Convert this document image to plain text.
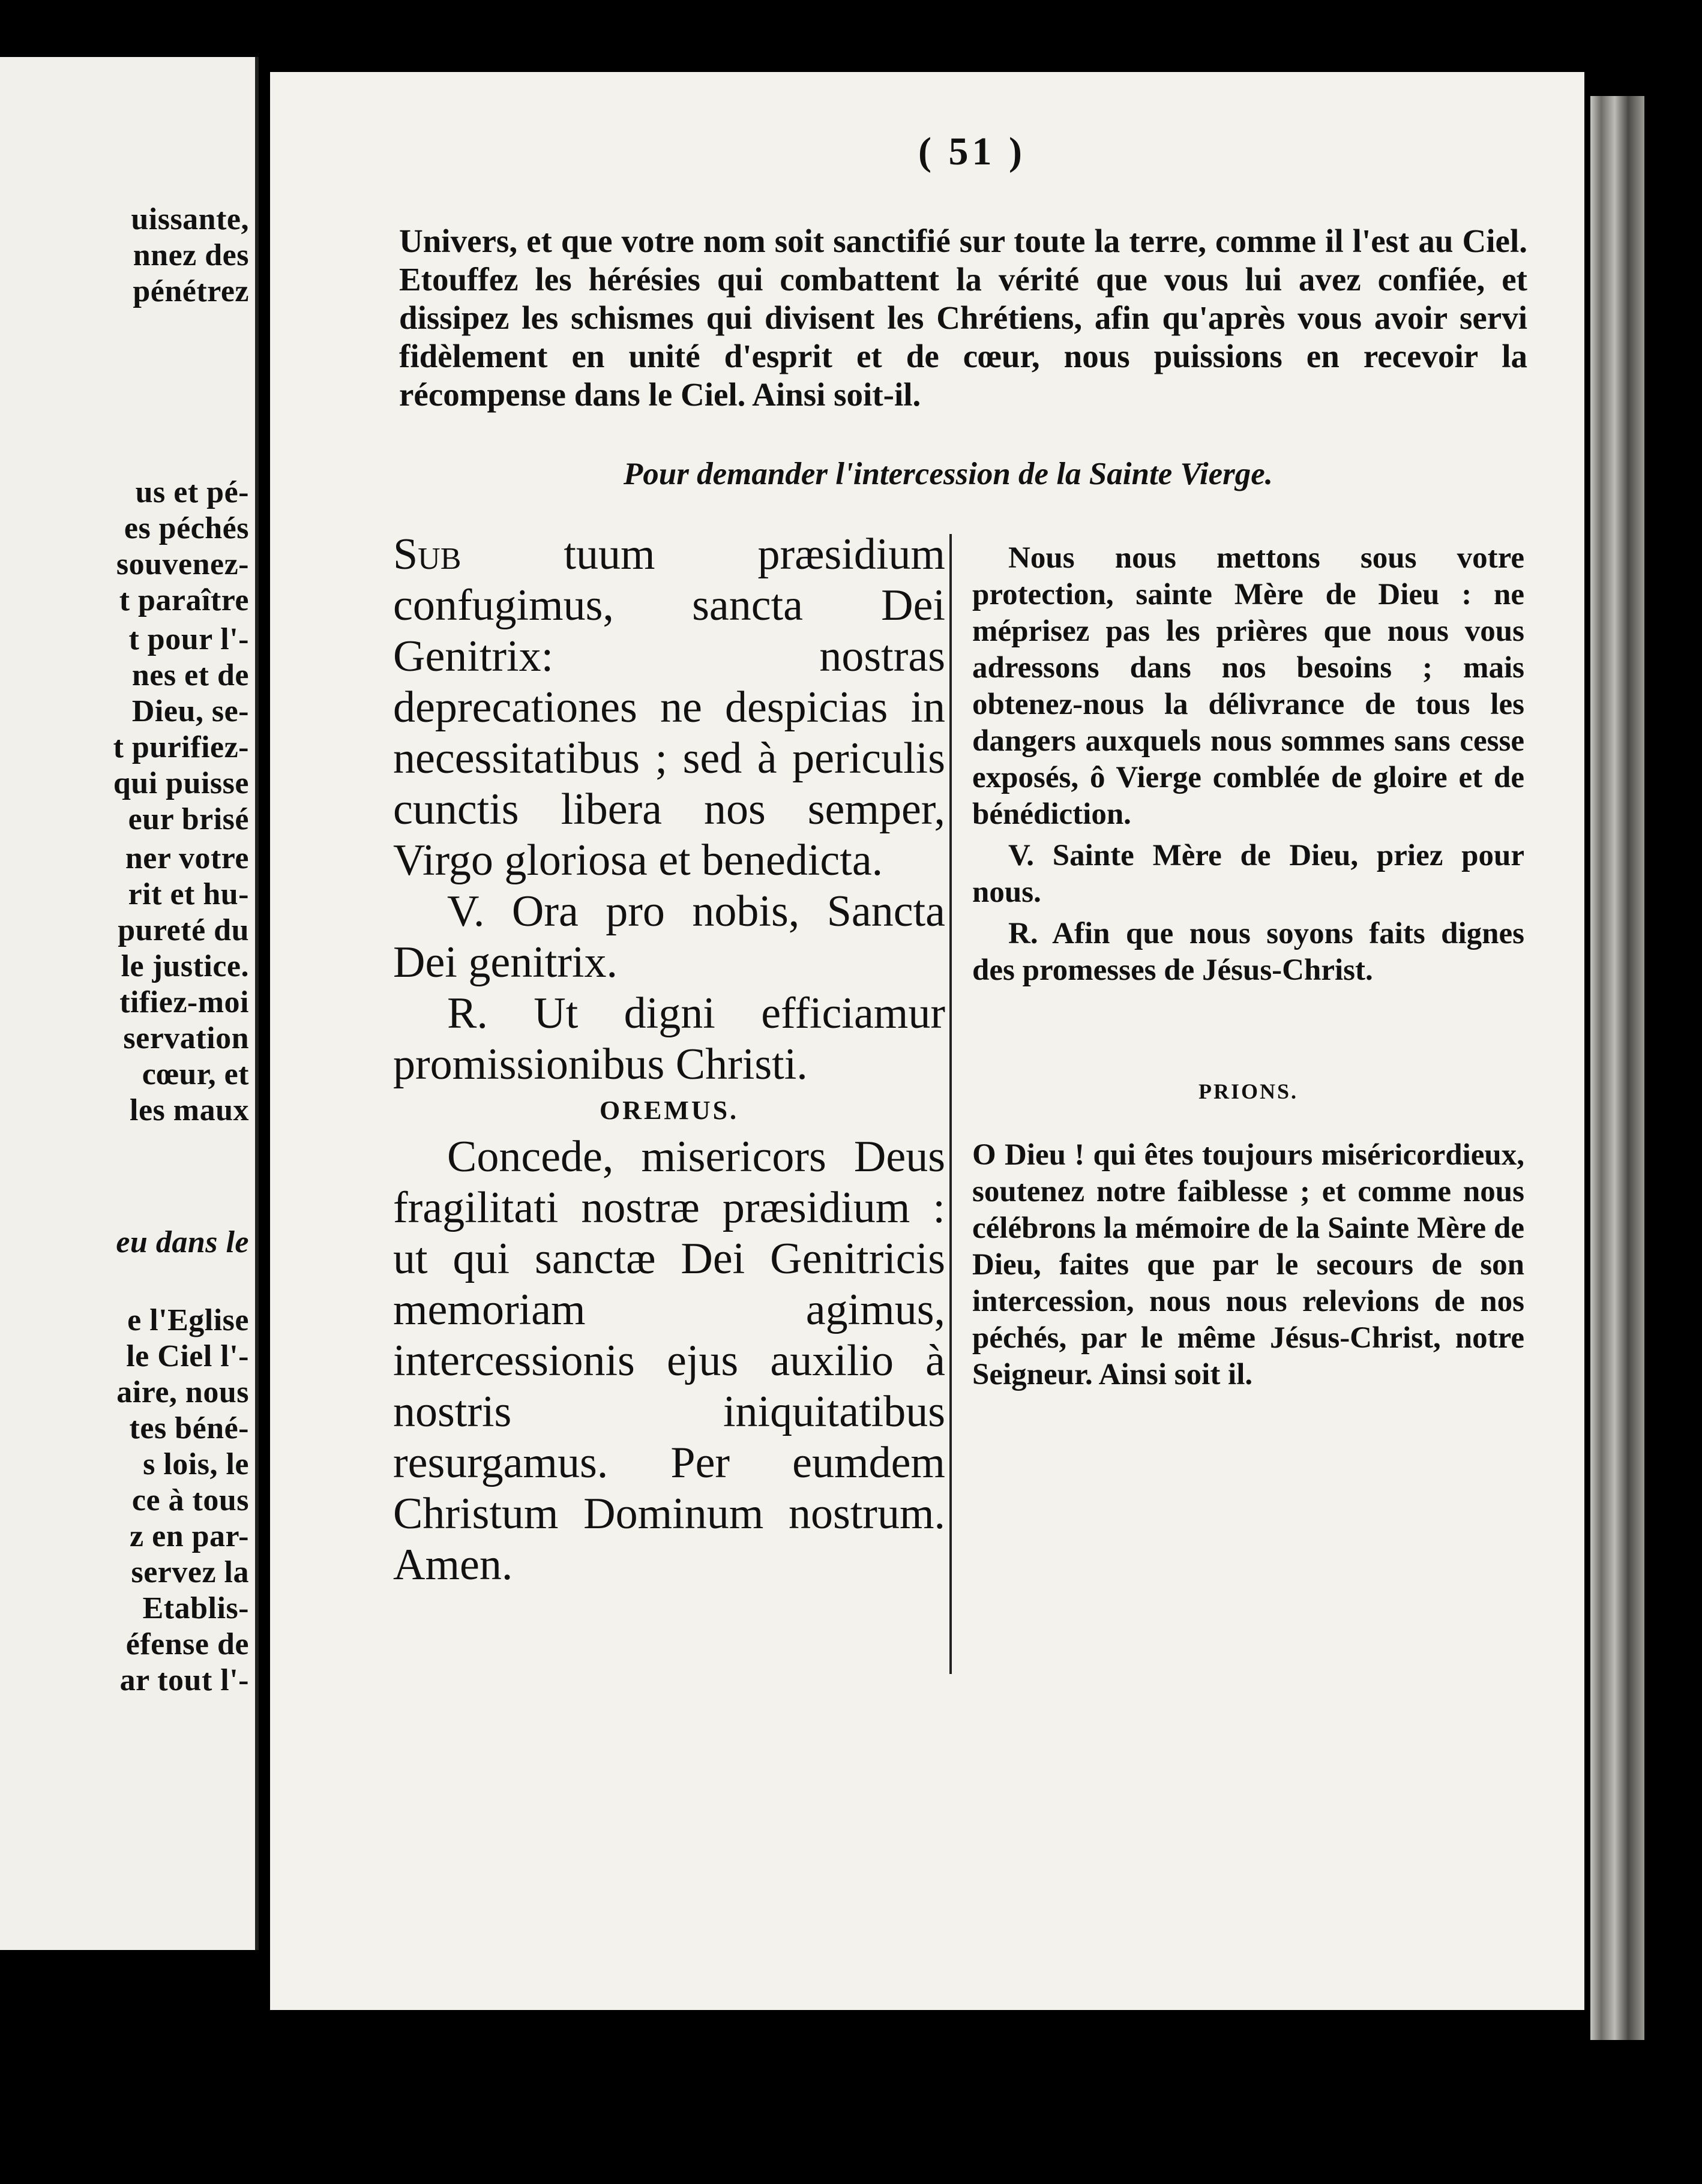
uissante,
nnez des
pénétrez
us et pé-
es péchés
souvenez-
t paraître
t pour l'-
nes et de
Dieu, se-
t purifiez-
qui puisse
eur brisé
ner votre
rit et hu-
pureté du
le justice.
tifiez-moi
servation
cœur, et
les maux
eu dans le
e l'Eglise
le Ciel l'-
aire, nous
tes béné-
s lois, le
ce à tous
z en par-
servez la
Etablis-
éfense de
ar tout l'-
( 51 )

Univers, et que votre nom soit sanctifié sur toute la terre, comme il l'est au Ciel. Etouffez les hérésies qui combattent la vérité que vous lui avez confiée, et dissipez les schismes qui divisent les Chrétiens, afin qu'après vous avoir servi fidèlement en unité d'esprit et de cœur, nous puissions en recevoir la récompense dans le Ciel. Ainsi soit-il.

Pour demander l'intercession de la Sainte Vierge.

Sub tuum præsidium confugimus, sancta Dei Genitrix: nostras deprecationes ne despicias in necessitatibus ; sed à periculis cunctis libera nos semper, Virgo gloriosa et benedicta.

V. Ora pro nobis, Sancta Dei genitrix.

R. Ut digni efficiamur promissionibus Christi.

OREMUS.

Concede, misericors Deus fragilitati nostræ præsidium : ut qui sanctæ Dei Genitricis memoriam agimus, intercessionis ejus auxilio à nostris iniquitatibus resurgamus. Per eumdem Christum Dominum nostrum. Amen.

Nous nous mettons sous votre protection, sainte Mère de Dieu : ne méprisez pas les prières que nous vous adressons dans nos besoins ; mais obtenez-nous la délivrance de tous les dangers auxquels nous sommes sans cesse exposés, ô Vierge comblée de gloire et de bénédiction.

V. Sainte Mère de Dieu, priez pour nous.

R. Afin que nous soyons faits dignes des promesses de Jésus-Christ.

PRIONS.

O Dieu ! qui êtes toujours miséricordieux, soutenez notre faiblesse ; et comme nous célébrons la mémoire de la Sainte Mère de Dieu, faites que par le secours de son intercession, nous nous relevions de nos péchés, par le même Jésus-Christ, notre Seigneur. Ainsi soit il.
